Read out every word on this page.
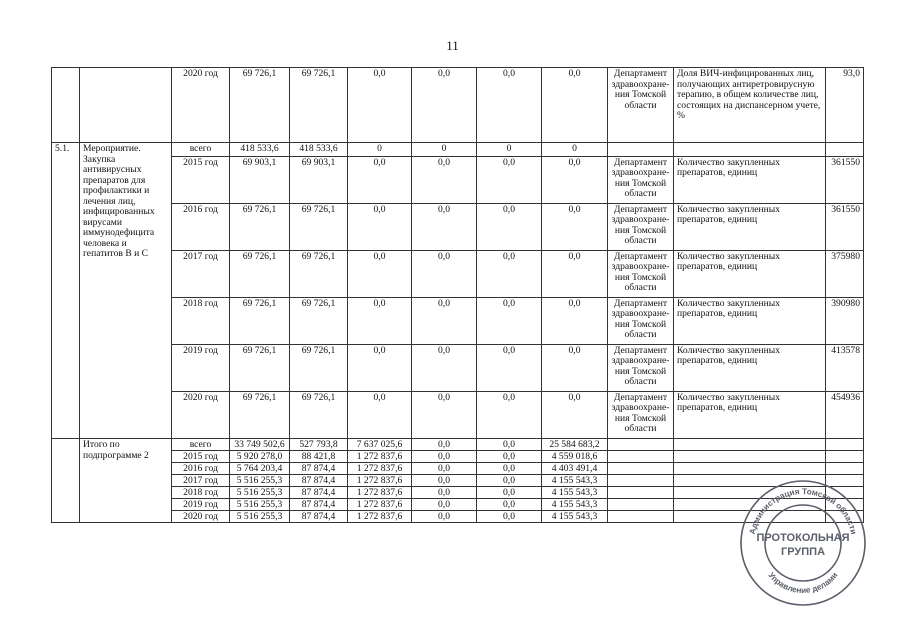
11
		2020 год	69 726,1	69 726,1	0,0	0,0	0,0	0,0	Департамент здравоохране-ния Томской области	Доля ВИЧ-инфицированных лиц, получающих антиретровирусную терапию, в общем количестве лиц, состоящих на диспансерном учете, %	93,0
5.1.	Мероприятие. Закупка антивирусных препаратов для профилактики и лечения лиц, инфицированных вирусами иммунодефицита человека и гепатитов В и С	всего	418 533,6	418 533,6	0	0	0	0			
		2015 год	69 903,1	69 903,1	0,0	0,0	0,0	0,0	Департамент здравоохране-ния Томской области	Количество закупленных препаратов, единиц	361550
		2016 год	69 726,1	69 726,1	0,0	0,0	0,0	0,0	Департамент здравоохране-ния Томской области	Количество закупленных препаратов, единиц	361550
		2017 год	69 726,1	69 726,1	0,0	0,0	0,0	0,0	Департамент здравоохране-ния Томской области	Количество закупленных препаратов, единиц	375980
		2018 год	69 726,1	69 726,1	0,0	0,0	0,0	0,0	Департамент здравоохране-ния Томской области	Количество закупленных препаратов, единиц	390980
		2019 год	69 726,1	69 726,1	0,0	0,0	0,0	0,0	Департамент здравоохране-ния Томской области	Количество закупленных препаратов, единиц	413578
		2020 год	69 726,1	69 726,1	0,0	0,0	0,0	0,0	Департамент здравоохране-ния Томской области	Количество закупленных препаратов, единиц	454936
	Итого по подпрограмме 2	всего	33 749 502,6	527 793,8	7 637 025,6	0,0	0,0	25 584 683,2			
		2015 год	5 920 278,0	88 421,8	1 272 837,6	0,0	0,0	4 559 018,6			
		2016 год	5 764 203,4	87 874,4	1 272 837,6	0,0	0,0	4 403 491,4			
		2017 год	5 516 255,3	87 874,4	1 272 837,6	0,0	0,0	4 155 543,3			
		2018 год	5 516 255,3	87 874,4	1 272 837,6	0,0	0,0	4 155 543,3			
		2019 год	5 516 255,3	87 874,4	1 272 837,6	0,0	0,0	4 155 543,3			
		2020 год	5 516 255,3	87 874,4	1 272 837,6	0,0	0,0	4 155 543,3			
Администрация Томской области
Управление делами
ПРОТОКОЛЬНАЯ
ГРУППА
